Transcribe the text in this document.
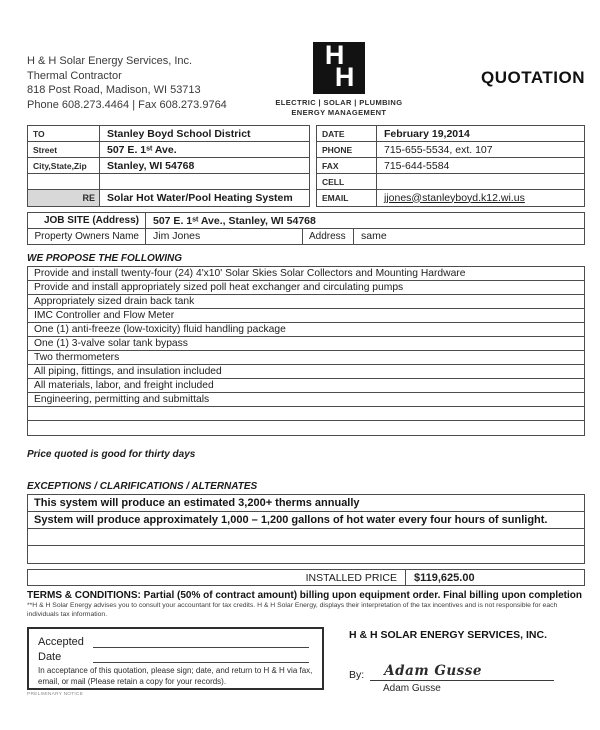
H & H Solar Energy Services, Inc.
Thermal Contractor
818 Post Road, Madison, WI 53713
Phone 608.273.4464 | Fax 608.273.9764
H
H
ELECTRIC | SOLAR | PLUMBING
ENERGY MANAGEMENT
QUOTATION
TO	Stanley Boyd School District
Street	507 E. 1ˢᵗ Ave.
City,State,Zip	Stanley, WI 54768
RE	Solar Hot Water/Pool Heating System
DATE	February 19,2014
PHONE	715-655-5534, ext. 107
FAX	715-644-5584
CELL
EMAIL	jjones@stanleyboyd.k12.wi.us
JOB SITE (Address)	507 E. 1ˢᵗ Ave., Stanley, WI 54768
Property Owners Name	Jim Jones	Address	same
WE PROPOSE THE FOLLOWING
Provide and install twenty-four (24) 4'x10' Solar Skies Solar Collectors and Mounting Hardware
Provide and install appropriately sized poll heat exchanger and circulating pumps
Appropriately sized drain back tank
IMC Controller and Flow Meter
One (1) anti-freeze (low-toxicity) fluid handling package
One (1) 3-valve solar tank bypass
Two thermometers
All piping, fittings, and insulation included
All materials, labor, and freight included
Engineering, permitting and submittals
Price quoted is good for thirty days
EXCEPTIONS / CLARIFICATIONS / ALTERNATES
This system will produce an estimated 3,200+ therms annually
System will produce approximately 1,000 – 1,200 gallons of hot water every four hours of sunlight.
INSTALLED PRICE	$119,625.00
TERMS & CONDITIONS: Partial (50% of contract amount) billing upon equipment order. Final billing upon completion
**H & H Solar Energy advises you to consult your accountant for tax credits. H & H Solar Energy, displays their interpretation of the tax incentives and is not responsible for each individuals tax information.
Accepted
Date
In acceptance of this quotation, please sign; date, and return to H & H via fax, email, or mail (Please retain a copy for your records).
PRELIMINARY NOTICE
H & H SOLAR ENERGY SERVICES, INC.
By:	Adam Gusse
Adam Gusse
